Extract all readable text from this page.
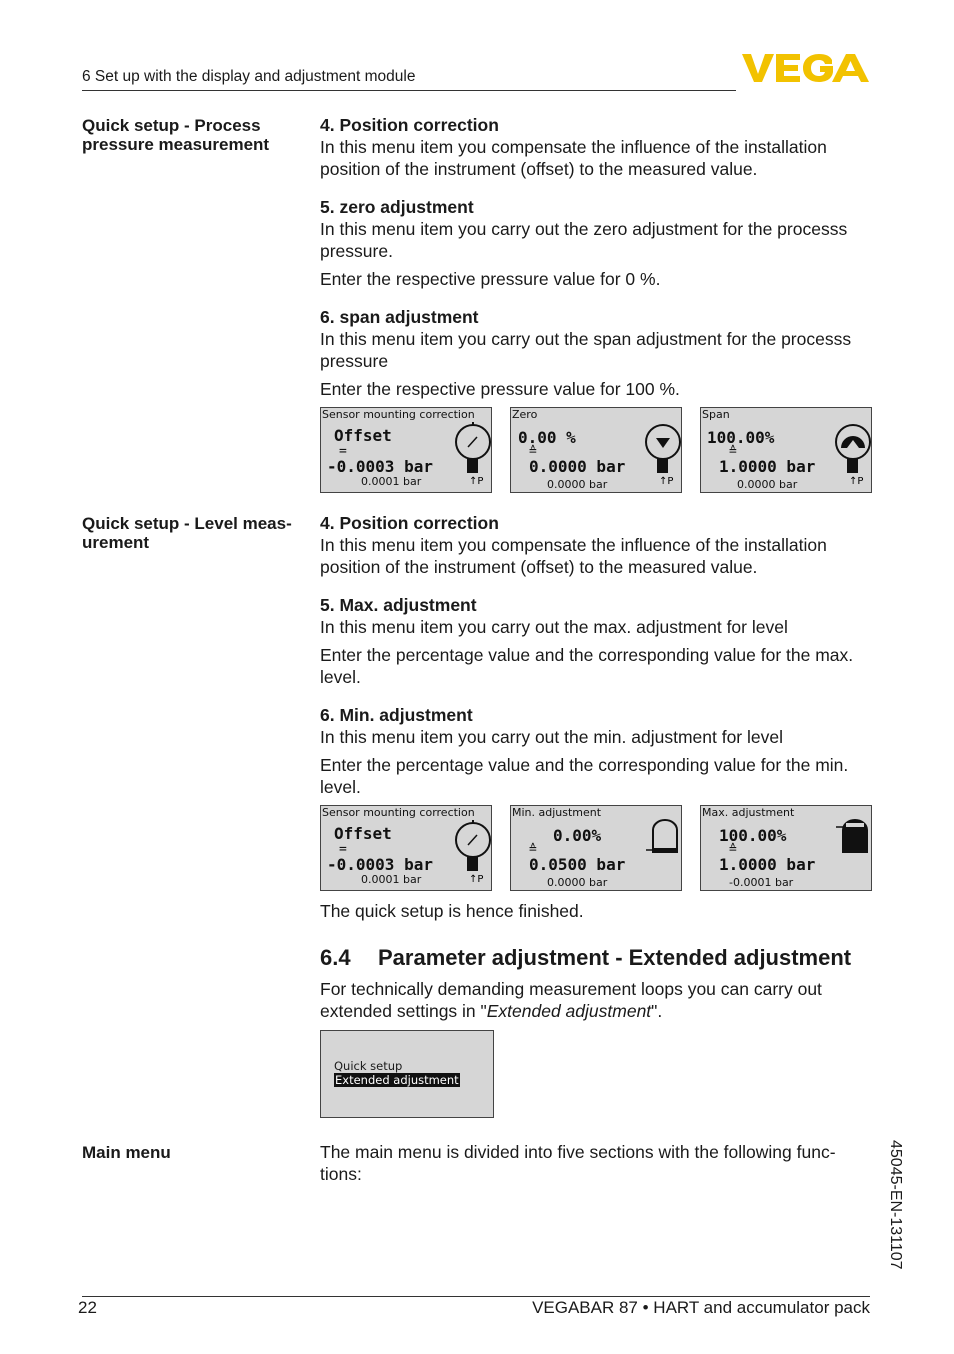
6 Set up with the display and adjustment module
Quick setup - Process pressure measurement
4. Position correction

In this menu item you compensate the influence of the installation position of the instrument (offset) to the measured value.

5. zero adjustment

In this menu item you carry out the zero adjustment for the processs pressure.

Enter the respective pressure value for 0 %.

6. span adjustment

In this menu item you carry out the span adjustment for the processs pressure

Enter the respective pressure value for 100 %.

Sensor mounting correction
Offset
=
-0.0003 bar
0.0001 bar	↑P
Zero
0.00 %
≙
0.0000 bar
0.0000 bar	↑P
Span
100.00%
≙
1.0000 bar
0.0000 bar	↑P
Quick setup - Level meas- urement
4. Position correction

In this menu item you compensate the influence of the installation position of the instrument (offset) to the measured value.

5. Max. adjustment

In this menu item you carry out the max. adjustment for level

Enter the percentage value and the corresponding value for the max. level.

6. Min. adjustment

In this menu item you carry out the min. adjustment for level

Enter the percentage value and the corresponding value for the min. level.

Sensor mounting correction
Offset
=
-0.0003 bar
0.0001 bar	↑P
Min. adjustment
0.00%
≙
0.0500 bar
0.0000 bar
Max. adjustment
100.00%
≙
1.0000 bar
-0.0001 bar
The quick setup is hence finished.
6.4 Parameter adjustment - Extended adjustment
For technically demanding measurement loops you can carry out extended settings in "Extended adjustment".
Quick setup
Extended adjustment
Main menu	The main menu is divided into five sections with the following func- tions:	45045-EN-131107
22	VEGABAR 87 • HART and accumulator pack
